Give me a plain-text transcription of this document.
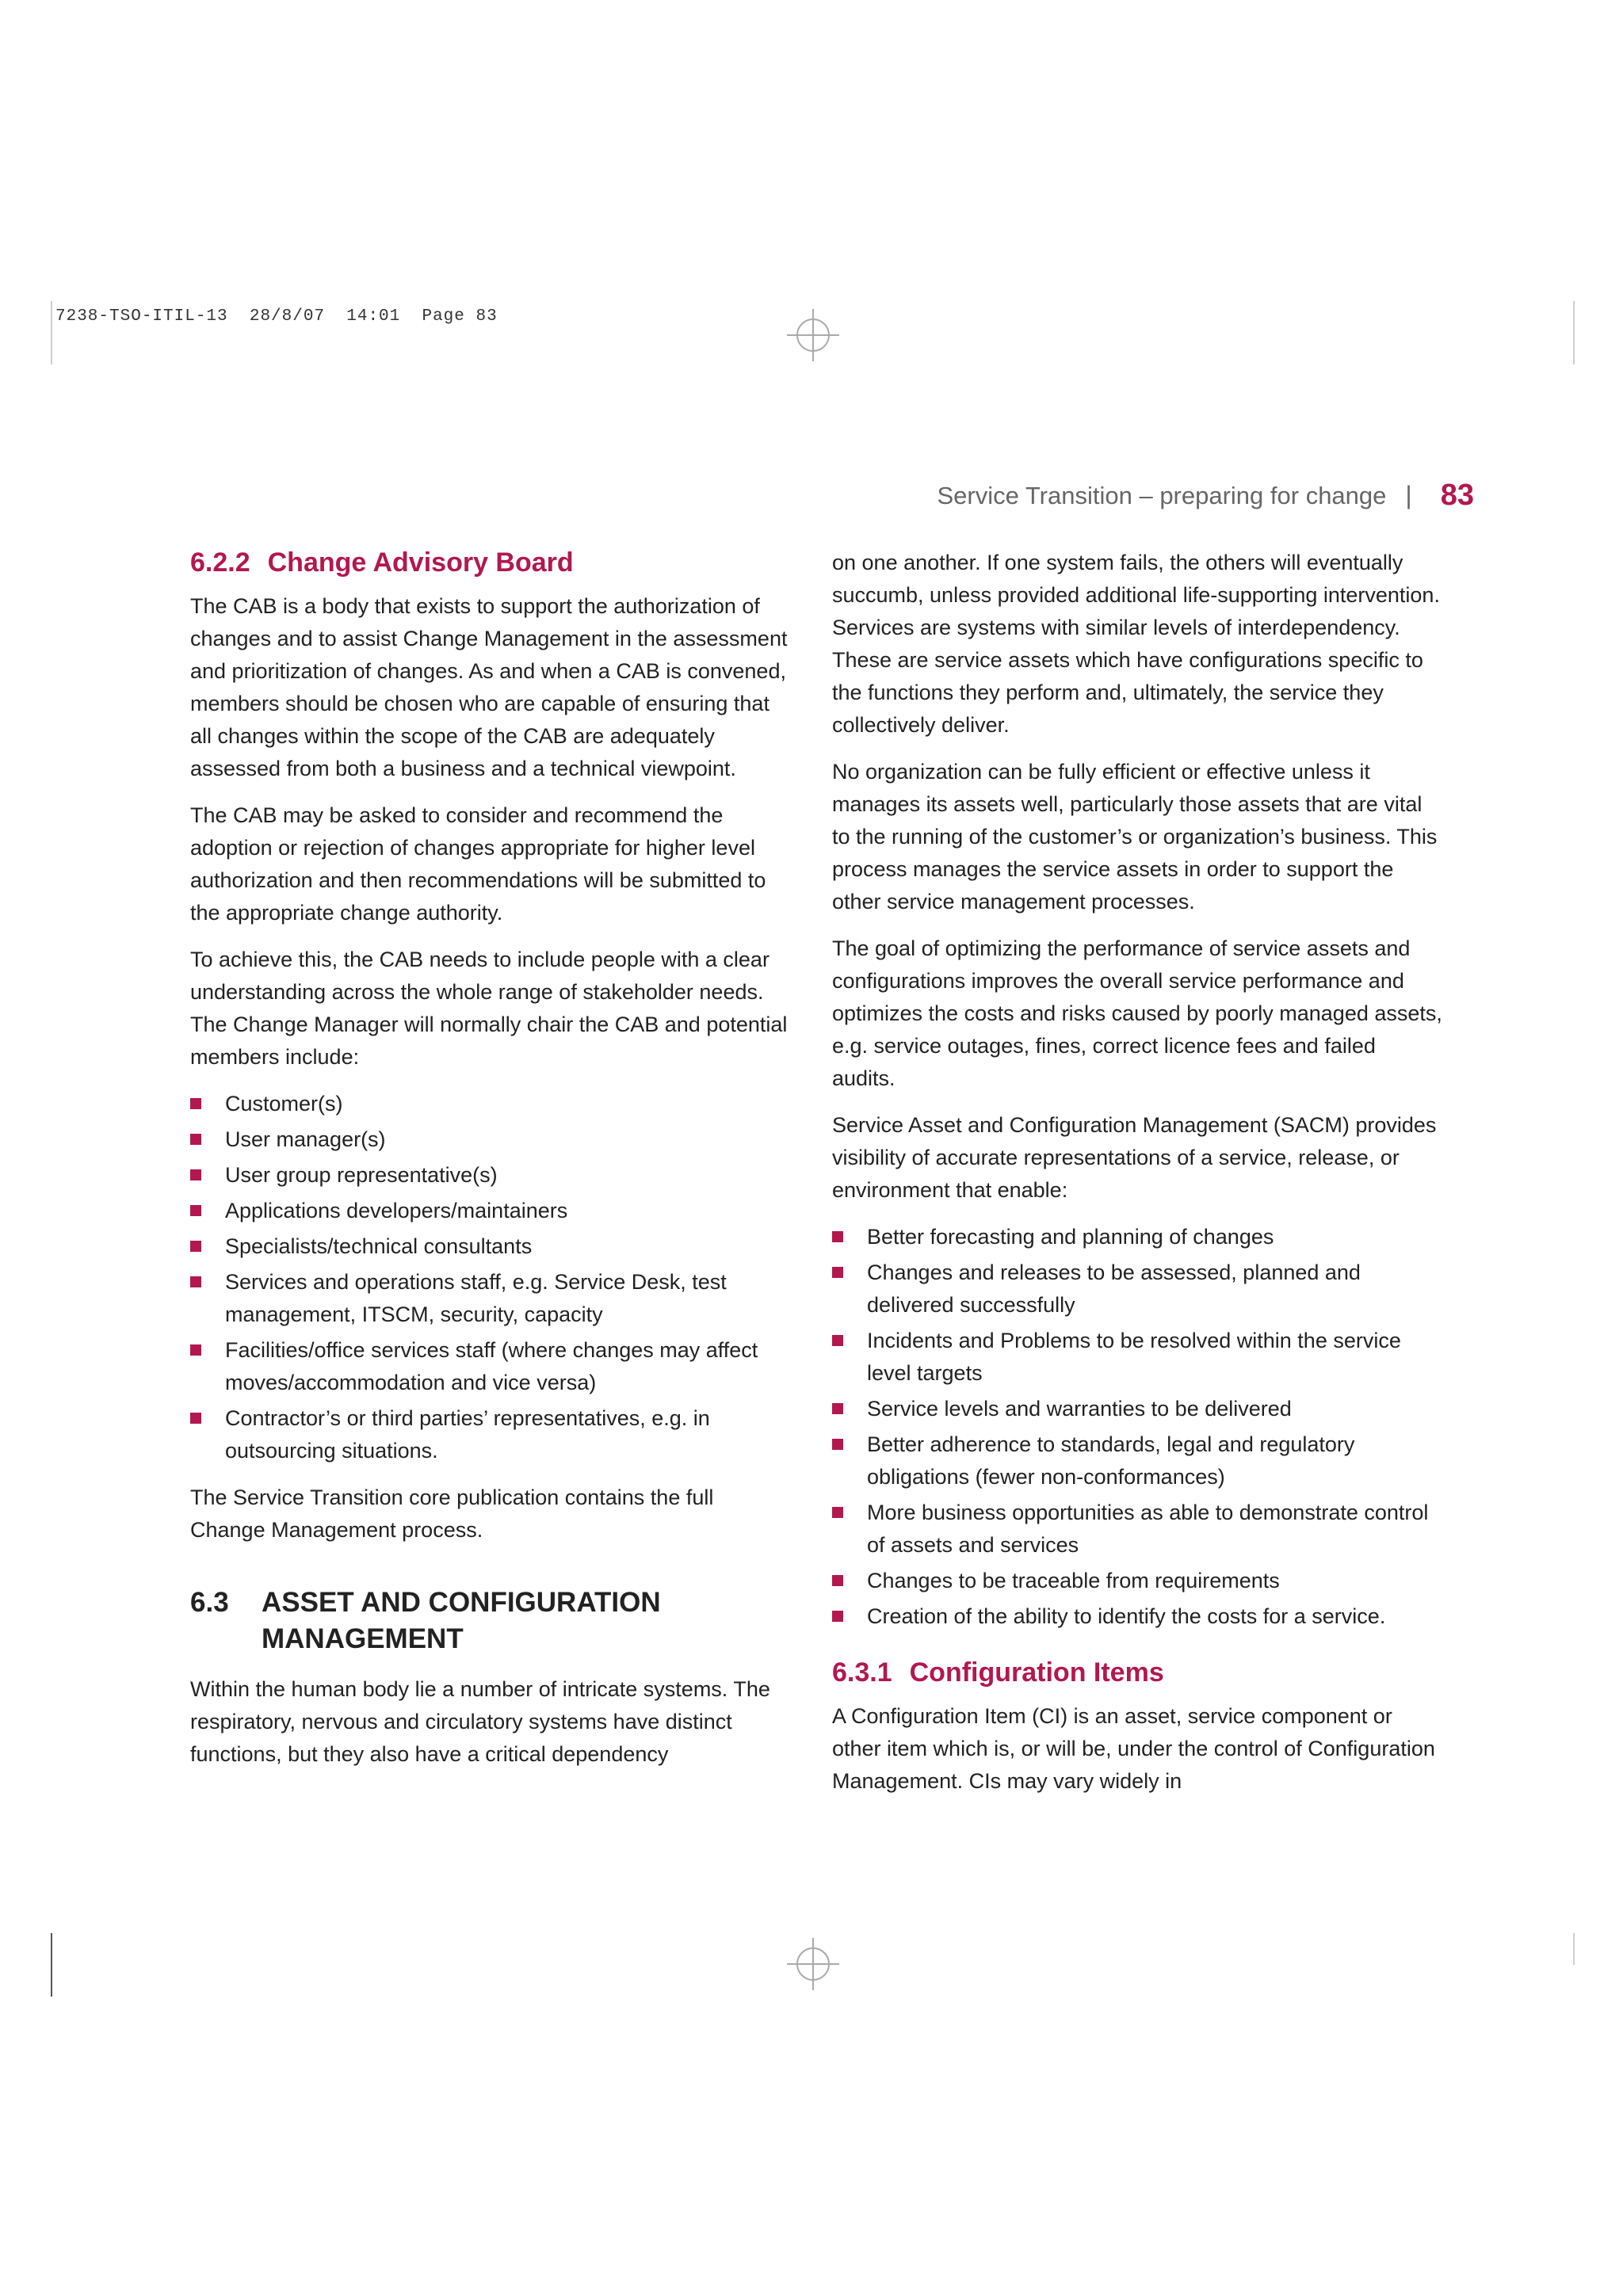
7238-TSO-ITIL-13  28/8/07  14:01  Page 83
Service Transition – preparing for change | 83
6.2.2 Change Advisory Board

The CAB is a body that exists to support the authorization of changes and to assist Change Management in the assessment and prioritization of changes. As and when a CAB is convened, members should be chosen who are capable of ensuring that all changes within the scope of the CAB are adequately assessed from both a business and a technical viewpoint.

The CAB may be asked to consider and recommend the adoption or rejection of changes appropriate for higher level authorization and then recommendations will be submitted to the appropriate change authority.

To achieve this, the CAB needs to include people with a clear understanding across the whole range of stakeholder needs. The Change Manager will normally chair the CAB and potential members include:

Customer(s)
User manager(s)
User group representative(s)
Applications developers/maintainers
Specialists/technical consultants
Services and operations staff, e.g. Service Desk, test management, ITSCM, security, capacity
Facilities/office services staff (where changes may affect moves/accommodation and vice versa)
Contractor’s or third parties’ representatives, e.g. in outsourcing situations.

The Service Transition core publication contains the full Change Management process.

6.3	ASSET AND CONFIGURATION MANAGEMENT

Within the human body lie a number of intricate systems. The respiratory, nervous and circulatory systems have distinct functions, but they also have a critical dependency

on one another. If one system fails, the others will eventually succumb, unless provided additional life-supporting intervention. Services are systems with similar levels of interdependency. These are service assets which have configurations specific to the functions they perform and, ultimately, the service they collectively deliver.

No organization can be fully efficient or effective unless it manages its assets well, particularly those assets that are vital to the running of the customer’s or organization’s business. This process manages the service assets in order to support the other service management processes.

The goal of optimizing the performance of service assets and configurations improves the overall service performance and optimizes the costs and risks caused by poorly managed assets, e.g. service outages, fines, correct licence fees and failed audits.

Service Asset and Configuration Management (SACM) provides visibility of accurate representations of a service, release, or environment that enable:

Better forecasting and planning of changes
Changes and releases to be assessed, planned and delivered successfully
Incidents and Problems to be resolved within the service level targets
Service levels and warranties to be delivered
Better adherence to standards, legal and regulatory obligations (fewer non-conformances)
More business opportunities as able to demonstrate control of assets and services
Changes to be traceable from requirements
Creation of the ability to identify the costs for a service.
6.3.1 Configuration Items

A Configuration Item (CI) is an asset, service component or other item which is, or will be, under the control of Configuration Management. CIs may vary widely in
